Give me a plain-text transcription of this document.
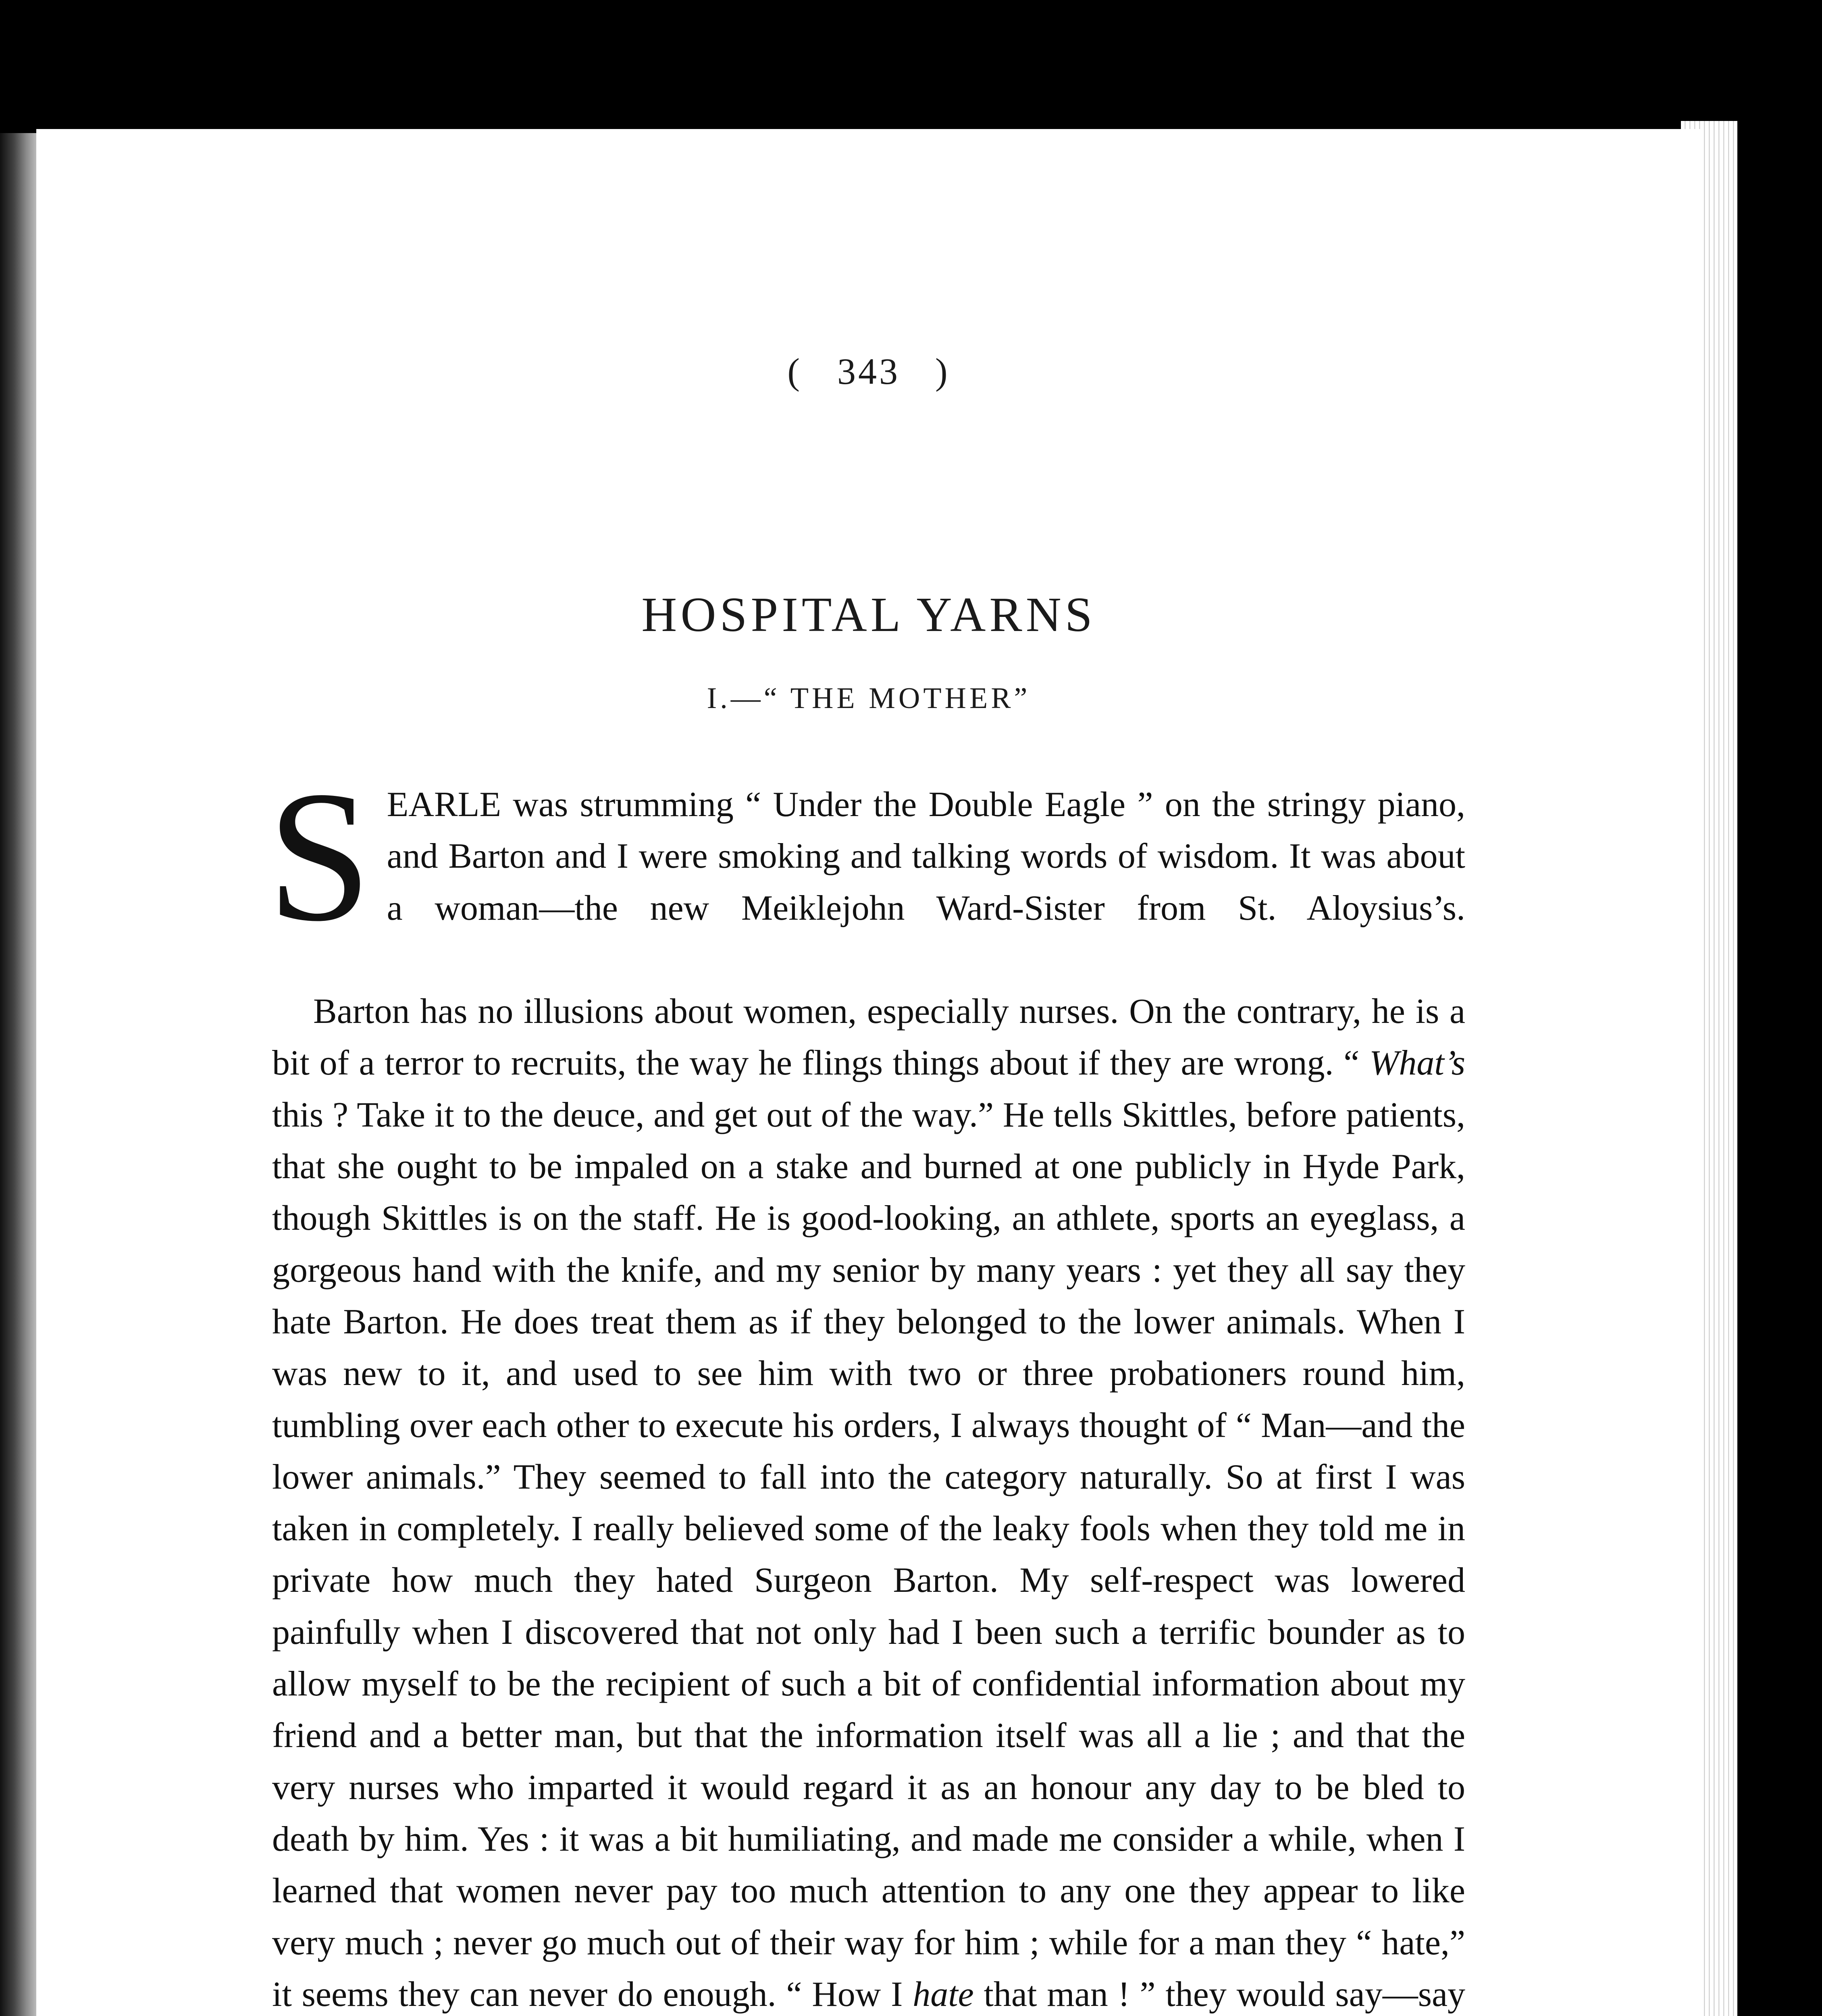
( 343 )
HOSPITAL YARNS
I.—“ THE MOTHER”

SEARLE was strumming “ Under the Double Eagle ” on the stringy piano, and Barton and I were smoking and talking words of wisdom. It was about a woman—the new Meiklejohn Ward-Sister from St. Aloysius’s.

Barton has no illusions about women, especially nurses. On the contrary, he is a bit of a terror to recruits, the way he flings things about if they are wrong. “ What’s this ? Take it to the deuce, and get out of the way.” He tells Skittles, before patients, that she ought to be impaled on a stake and burned at one publicly in Hyde Park, though Skittles is on the staff. He is good-looking, an athlete, sports an eyeglass, a gorgeous hand with the knife, and my senior by many years : yet they all say they hate Barton. He does treat them as if they belonged to the lower animals. When I was new to it, and used to see him with two or three probationers round him, tumbling over each other to execute his orders, I always thought of “ Man—and the lower animals.” They seemed to fall into the category naturally. So at first I was taken in completely. I really believed some of the leaky fools when they told me in private how much they hated Surgeon Barton. My self-respect was lowered painfully when I discovered that not only had I been such a terrific bounder as to allow myself to be the recipient of such a bit of confidential information about my friend and a better man, but that the information itself was all a lie ; and that the very nurses who imparted it would regard it as an honour any day to be bled to death by him. Yes : it was a bit humiliating, and made me consider a while, when I learned that women never pay too much attention to any one they appear to like very much ; never go much out of their way for him ; while for a man they “ hate,” it seems they can never do enough. “ How I hate that man ! ” they would say—say
